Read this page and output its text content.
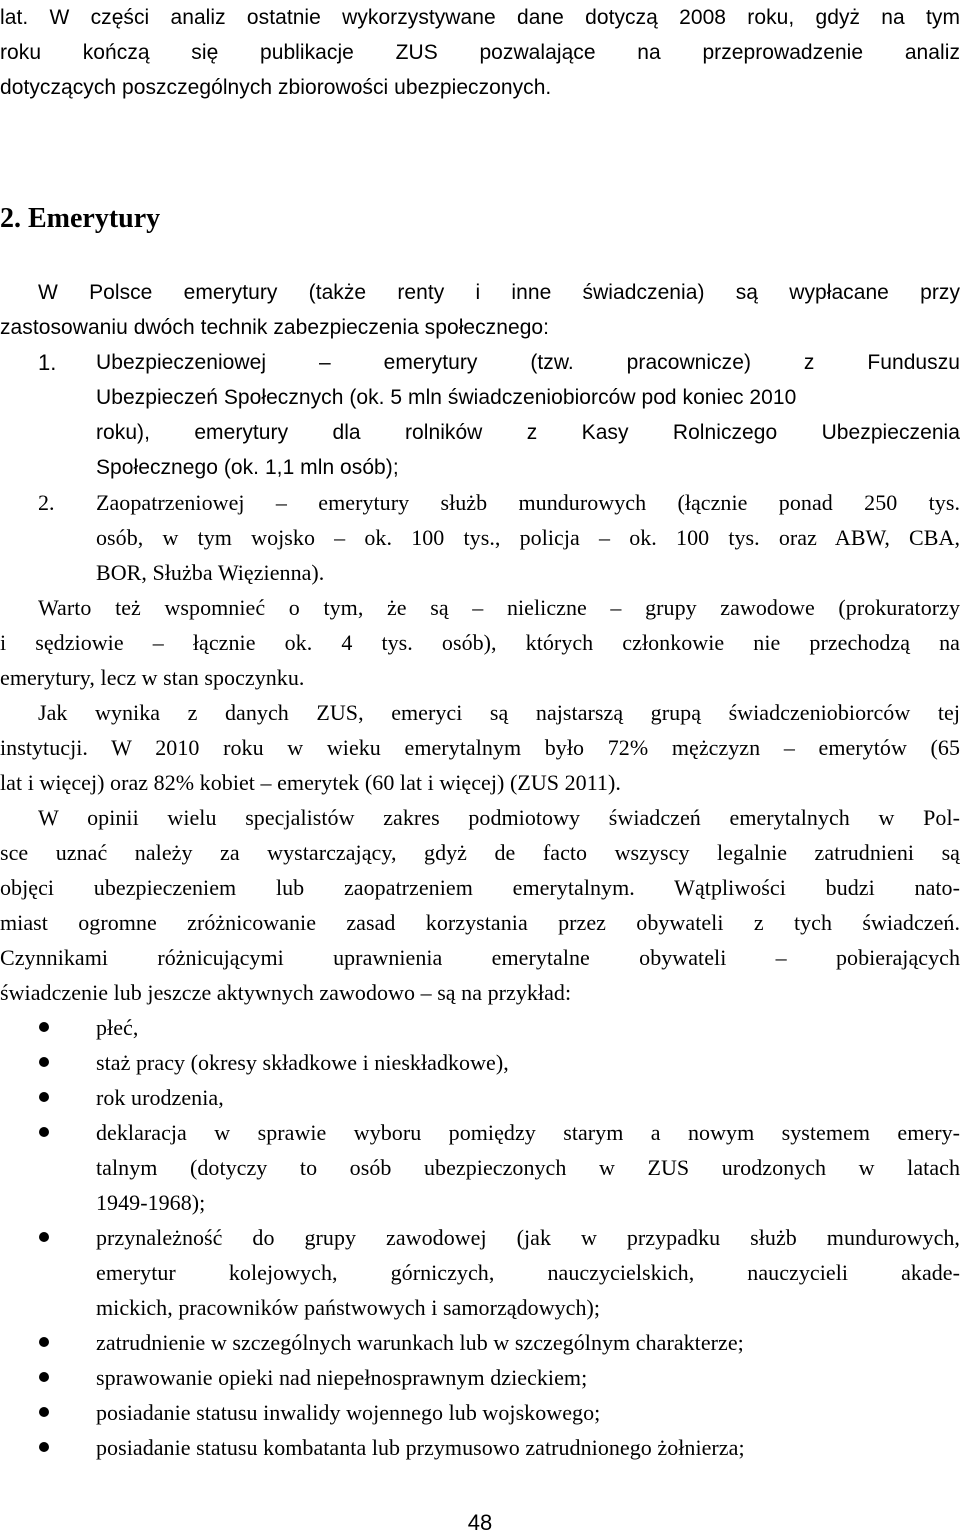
lat. W części analiz ostatnie wykorzystywane dane dotyczą 2008 roku, gdyż na tym
roku kończą się publikacje ZUS pozwalające na przeprowadzenie analiz
dotyczących poszczególnych zbiorowości ubezpieczonych.
2. Emerytury
W Polsce emerytury (także renty i inne świadczenia) są wypłacane przy
zastosowaniu dwóch technik zabezpieczenia społecznego:
1. Ubezpieczeniowej – emerytury (tzw. pracownicze) z Funduszu
Ubezpieczeń Społecznych (ok. 5 mln świadczeniobiorców pod koniec 2010
roku), emerytury dla rolników z Kasy Rolniczego Ubezpieczenia
Społecznego (ok. 1,1 mln osób);
2. Zaopatrzeniowej – emerytury służb mundurowych (łącznie ponad 250 tys.
osób, w tym wojsko – ok. 100 tys., policja – ok. 100 tys. oraz ABW, CBA,
BOR, Służba Więzienna).
Warto też wspomnieć o tym, że są – nieliczne – grupy zawodowe (prokuratorzy
i sędziowie – łącznie ok. 4 tys. osób), których członkowie nie przechodzą na
emerytury, lecz w stan spoczynku.
Jak wynika z danych ZUS, emeryci są najstarszą grupą świadczeniobiorców tej
instytucji. W 2010 roku w wieku emerytalnym było 72% mężczyzn – emerytów (65
lat i więcej) oraz 82% kobiet – emerytek (60 lat i więcej) (ZUS 2011).
W opinii wielu specjalistów zakres podmiotowy świadczeń emerytalnych w Pol-
sce uznać należy za wystarczający, gdyż de facto wszyscy legalnie zatrudnieni są
objęci ubezpieczeniem lub zaopatrzeniem emerytalnym. Wątpliwości budzi nato-
miast ogromne zróżnicowanie zasad korzystania przez obywateli z tych świadczeń.
Czynnikami różnicującymi uprawnienia emerytalne obywateli – pobierających
świadczenie lub jeszcze aktywnych zawodowo – są na przykład:
płeć,
staż pracy (okresy składkowe i nieskładkowe),
rok urodzenia,
deklaracja w sprawie wyboru pomiędzy starym a nowym systemem emery-
talnym (dotyczy to osób ubezpieczonych w ZUS urodzonych w latach
1949-1968);
przynależność do grupy zawodowej (jak w przypadku służb mundurowych,
emerytur kolejowych, górniczych, nauczycielskich, nauczycieli akade-
mickich, pracowników państwowych i samorządowych);
zatrudnienie w szczególnych warunkach lub w szczególnym charakterze;
sprawowanie opieki nad niepełnosprawnym dzieckiem;
posiadanie statusu inwalidy wojennego lub wojskowego;
posiadanie statusu kombatanta lub przymusowo zatrudnionego żołnierza;
48
